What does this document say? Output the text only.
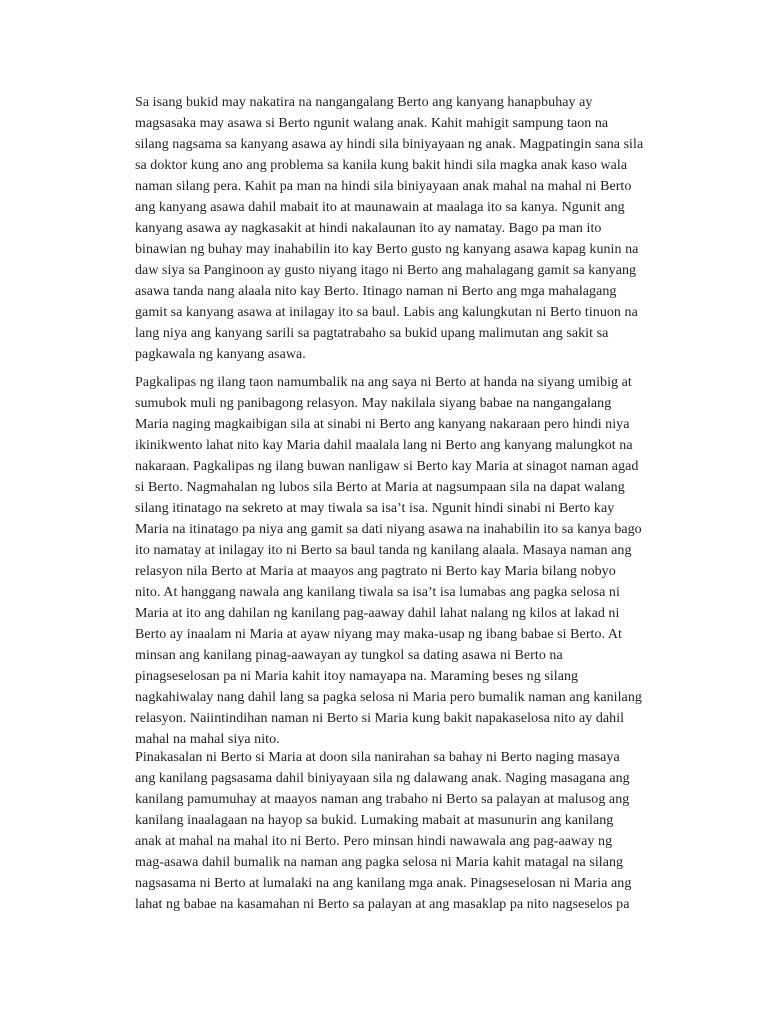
Sa isang bukid may nakatira na nangangalang Berto ang kanyang hanapbuhay ay
magsasaka may asawa si Berto ngunit walang anak. Kahit mahigit sampung taon na
silang nagsama sa kanyang asawa ay hindi sila biniyayaan ng anak. Magpatingin sana sila
sa doktor kung ano ang problema sa kanila kung bakit hindi sila magka anak kaso wala
naman silang pera. Kahit pa man na hindi sila biniyayaan anak mahal na mahal ni Berto
ang kanyang asawa dahil mabait ito at maunawain at maalaga ito sa kanya. Ngunit ang
kanyang asawa ay nagkasakit at hindi nakalaunan ito ay namatay. Bago pa man ito
binawian ng buhay may inahabilin ito kay Berto gusto ng kanyang asawa kapag kunin na
daw siya sa Panginoon ay gusto niyang itago ni Berto ang mahalagang gamit sa kanyang
asawa tanda nang alaala nito kay Berto. Itinago naman ni Berto ang mga mahalagang
gamit sa kanyang asawa at inilagay ito sa baul. Labis ang kalungkutan ni Berto tinuon na
lang niya ang kanyang sarili sa pagtatrabaho sa bukid upang malimutan ang sakit sa
pagkawala ng kanyang asawa.
Pagkalipas ng ilang taon namumbalik na ang saya ni Berto at handa na siyang umibig at
sumubok muli ng panibagong relasyon. May nakilala siyang babae na nangangalang
Maria naging magkaibigan sila at sinabi ni Berto ang kanyang nakaraan pero hindi niya
ikinikwento lahat nito kay Maria dahil maalala lang ni Berto ang kanyang malungkot na
nakaraan. Pagkalipas ng ilang buwan nanligaw si Berto kay Maria at sinagot naman agad
si Berto. Nagmahalan ng lubos sila Berto at Maria at nagsumpaan sila na dapat walang
silang itinatago na sekreto at may tiwala sa isa’t isa. Ngunit hindi sinabi ni Berto kay
Maria na itinatago pa niya ang gamit sa dati niyang asawa na inahabilin ito sa kanya bago
ito namatay at inilagay ito ni Berto sa baul tanda ng kanilang alaala. Masaya naman ang
relasyon nila Berto at Maria at maayos ang pagtrato ni Berto kay Maria bilang nobyo
nito. At hanggang nawala ang kanilang tiwala sa isa’t isa lumabas ang pagka selosa ni
Maria at ito ang dahilan ng kanilang pag-aaway dahil lahat nalang ng kilos at lakad ni
Berto ay inaalam ni Maria at ayaw niyang may maka-usap ng ibang babae si Berto. At
minsan ang kanilang pinag-aawayan ay tungkol sa dating asawa ni Berto na
pinagseselosan pa ni Maria kahit itoy namayapa na. Maraming beses ng silang
nagkahiwalay nang dahil lang sa pagka selosa ni Maria pero bumalik naman ang kanilang
relasyon. Naiintindihan naman ni Berto si Maria kung bakit napakaselosa nito ay dahil
mahal na mahal siya nito.
Pinakasalan ni Berto si Maria at doon sila nanirahan sa bahay ni Berto naging masaya
ang kanilang pagsasama dahil biniyayaan sila ng dalawang anak. Naging masagana ang
kanilang pamumuhay at maayos naman ang trabaho ni Berto sa palayan at malusog ang
kanilang inaalagaan na hayop sa bukid. Lumaking mabait at masunurin ang kanilang
anak at mahal na mahal ito ni Berto. Pero minsan hindi nawawala ang pag-aaway ng
mag-asawa dahil bumalik na naman ang pagka selosa ni Maria kahit matagal na silang
nagsasama ni Berto at lumalaki na ang kanilang mga anak. Pinagseselosan ni Maria ang
lahat ng babae na kasamahan ni Berto sa palayan at ang masaklap pa nito nagseselos pa
